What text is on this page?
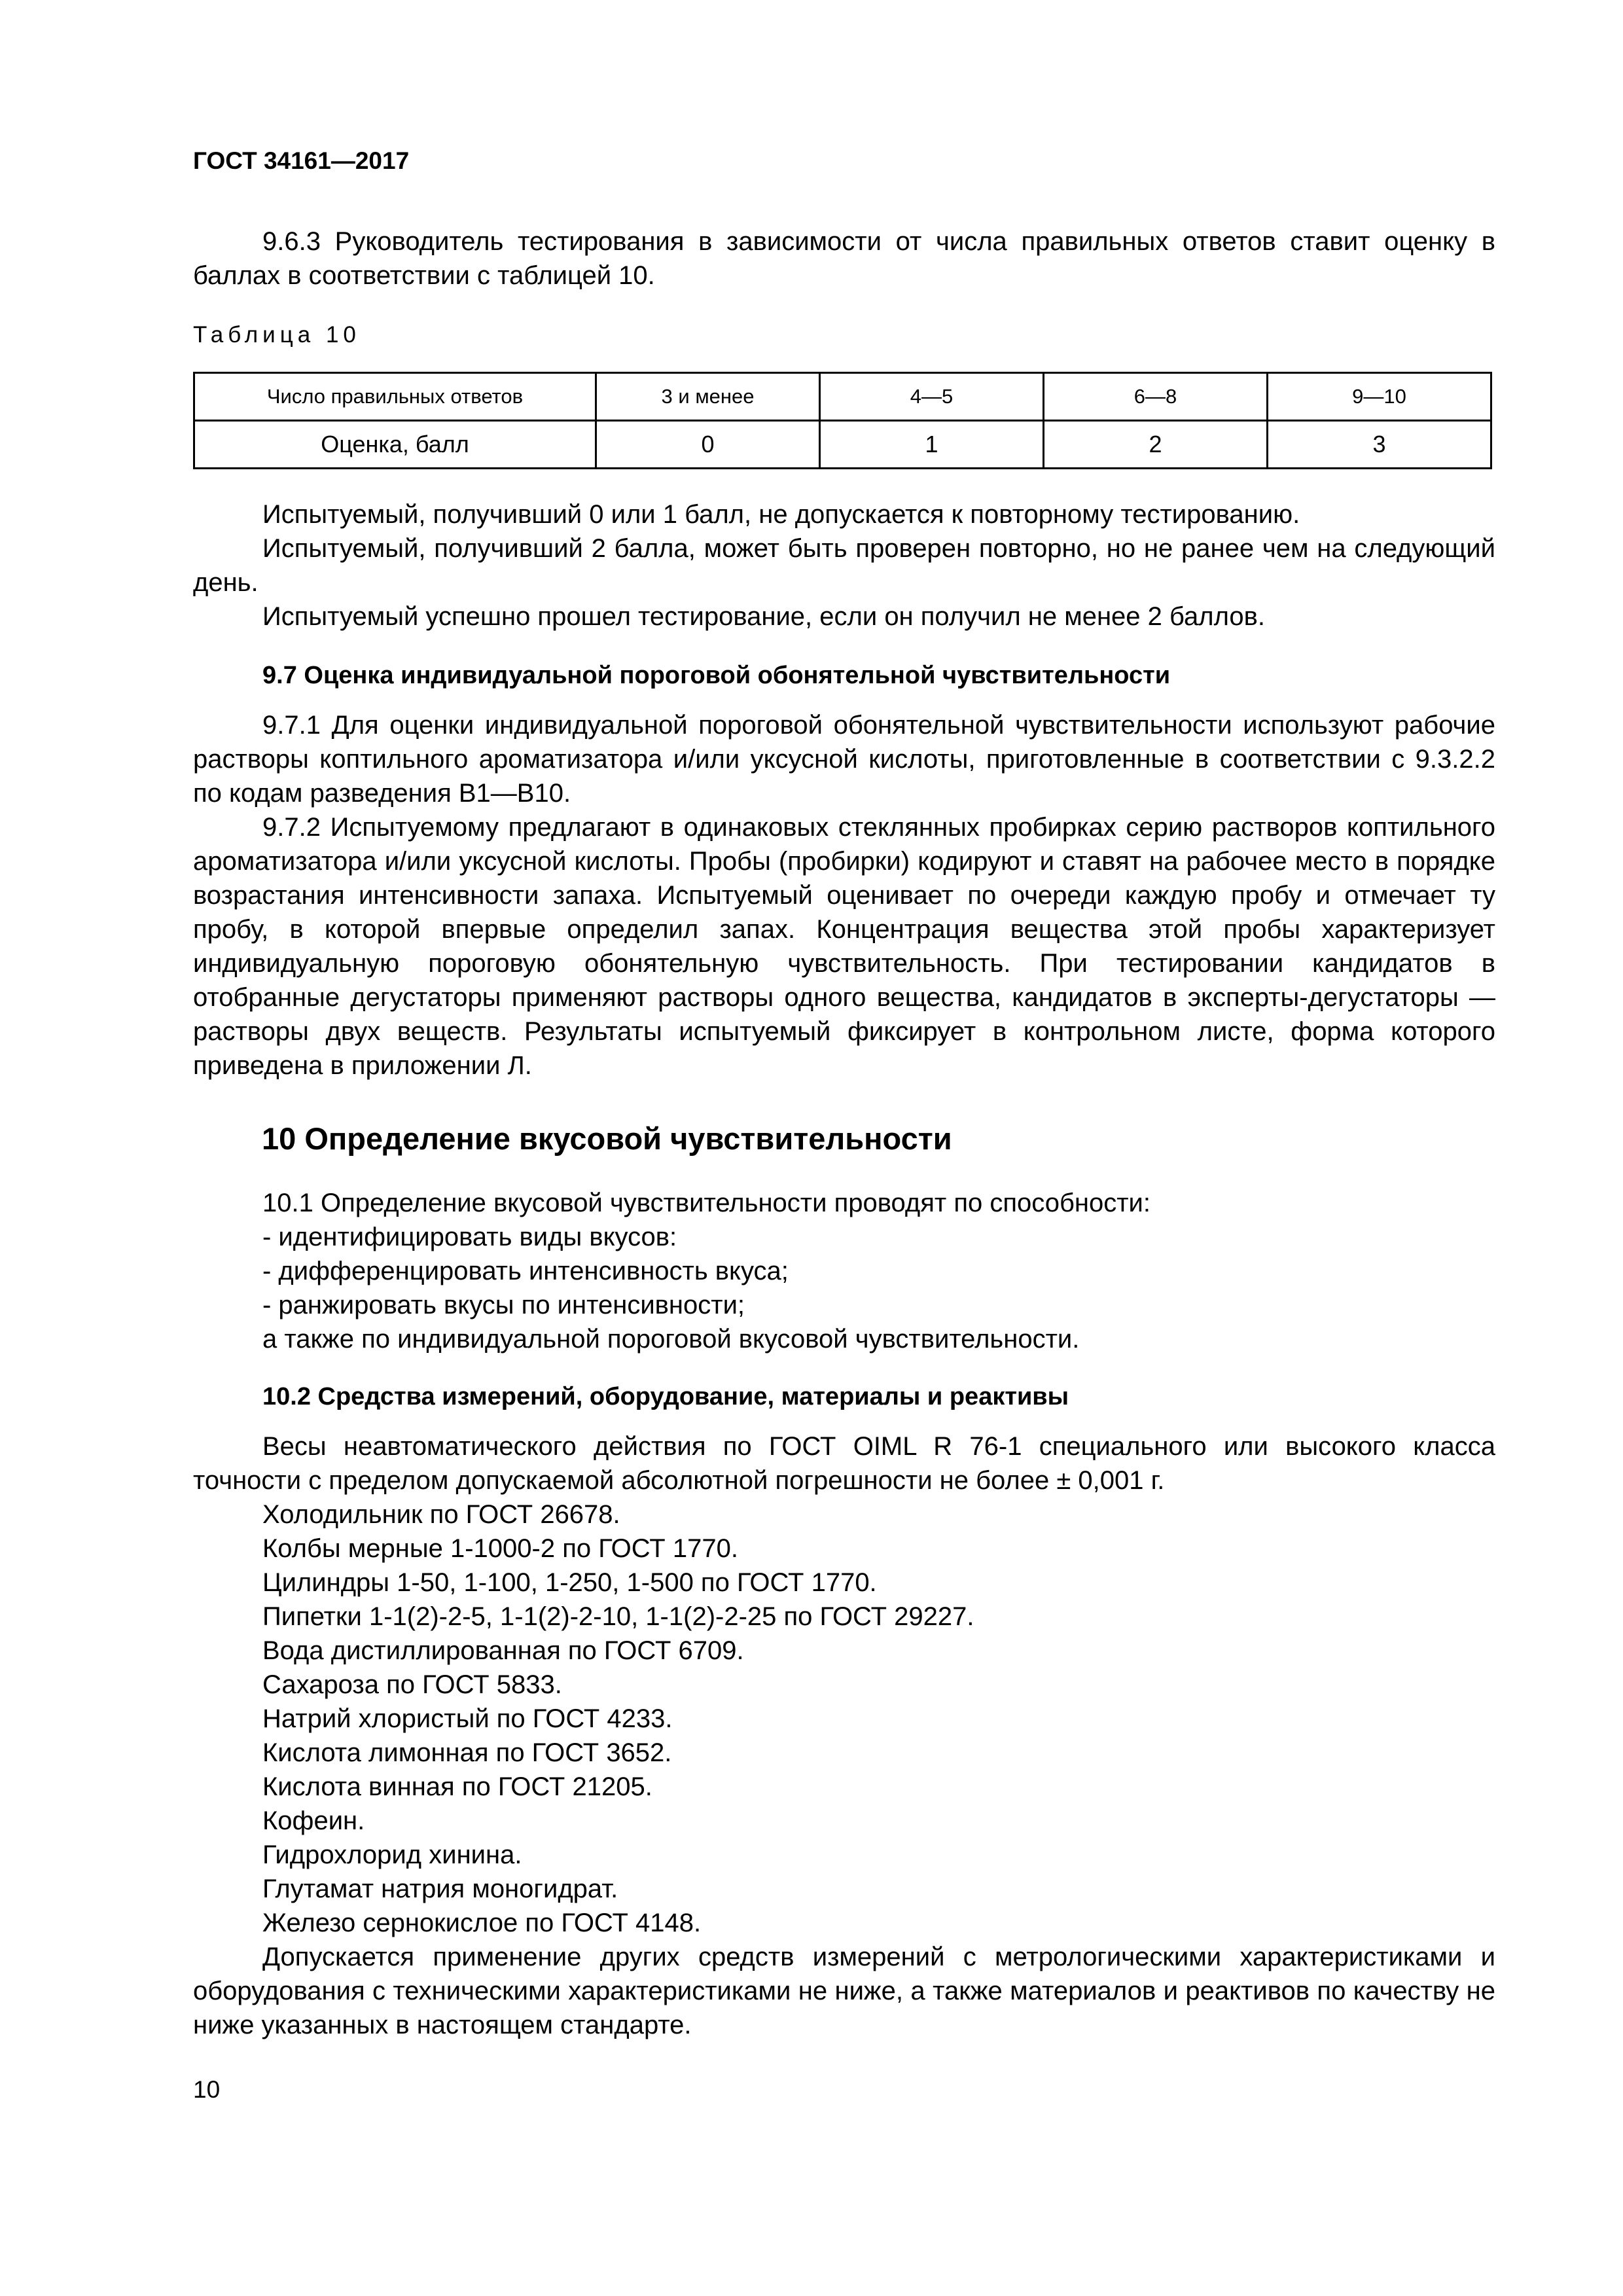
ГОСТ 34161—2017

9.6.3 Руководитель тестирования в зависимости от числа правильных ответов ставит оценку в баллах в соответствии с таблицей 10.

Таблица 10
Число правильных ответов	3 и менее	4—5	6—8	9—10
Оценка, балл	0	1	2	3

Испытуемый, получивший 0 или 1 балл, не допускается к повторному тестированию.

Испытуемый, получивший 2 балла, может быть проверен повторно, но не ранее чем на следующий день.

Испытуемый успешно прошел тестирование, если он получил не менее 2 баллов.

9.7 Оценка индивидуальной пороговой обонятельной чувствительности

9.7.1 Для оценки индивидуальной пороговой обонятельной чувствительности используют рабочие растворы коптильного ароматизатора и/или уксусной кислоты, приготовленные в соответствии с 9.3.2.2 по кодам разведения В1—В10.

9.7.2 Испытуемому предлагают в одинаковых стеклянных пробирках серию растворов коптильного ароматизатора и/или уксусной кислоты. Пробы (пробирки) кодируют и ставят на рабочее место в порядке возрастания интенсивности запаха. Испытуемый оценивает по очереди каждую пробу и отмечает ту пробу, в которой впервые определил запах. Концентрация вещества этой пробы характеризует индивидуальную пороговую обонятельную чувствительность. При тестировании кандидатов в отобранные дегустаторы применяют растворы одного вещества, кандидатов в эксперты-дегустаторы — растворы двух веществ. Результаты испытуемый фиксирует в контрольном листе, форма которого приведена в приложении Л.

10 Определение вкусовой чувствительности

10.1 Определение вкусовой чувствительности проводят по способности:

- идентифицировать виды вкусов:

- дифференцировать интенсивность вкуса;

- ранжировать вкусы по интенсивности;

а также по индивидуальной пороговой вкусовой чувствительности.

10.2 Средства измерений, оборудование, материалы и реактивы

Весы неавтоматического действия по ГОСТ OIML R 76-1 специального или высокого класса точности с пределом допускаемой абсолютной погрешности не более ± 0,001 г.

Холодильник по ГОСТ 26678.

Колбы мерные 1-1000-2 по ГОСТ 1770.

Цилиндры 1-50, 1-100, 1-250, 1-500 по ГОСТ 1770.

Пипетки 1-1(2)-2-5, 1-1(2)-2-10, 1-1(2)-2-25 по ГОСТ 29227.

Вода дистиллированная по ГОСТ 6709.

Сахароза по ГОСТ 5833.

Натрий хлористый по ГОСТ 4233.

Кислота лимонная по ГОСТ 3652.

Кислота винная по ГОСТ 21205.

Кофеин.

Гидрохлорид хинина.

Глутамат натрия моногидрат.

Железо сернокислое по ГОСТ 4148.

Допускается применение других средств измерений с метрологическими характеристиками и оборудования с техническими характеристиками не ниже, а также материалов и реактивов по качеству не ниже указанных в настоящем стандарте.

10
